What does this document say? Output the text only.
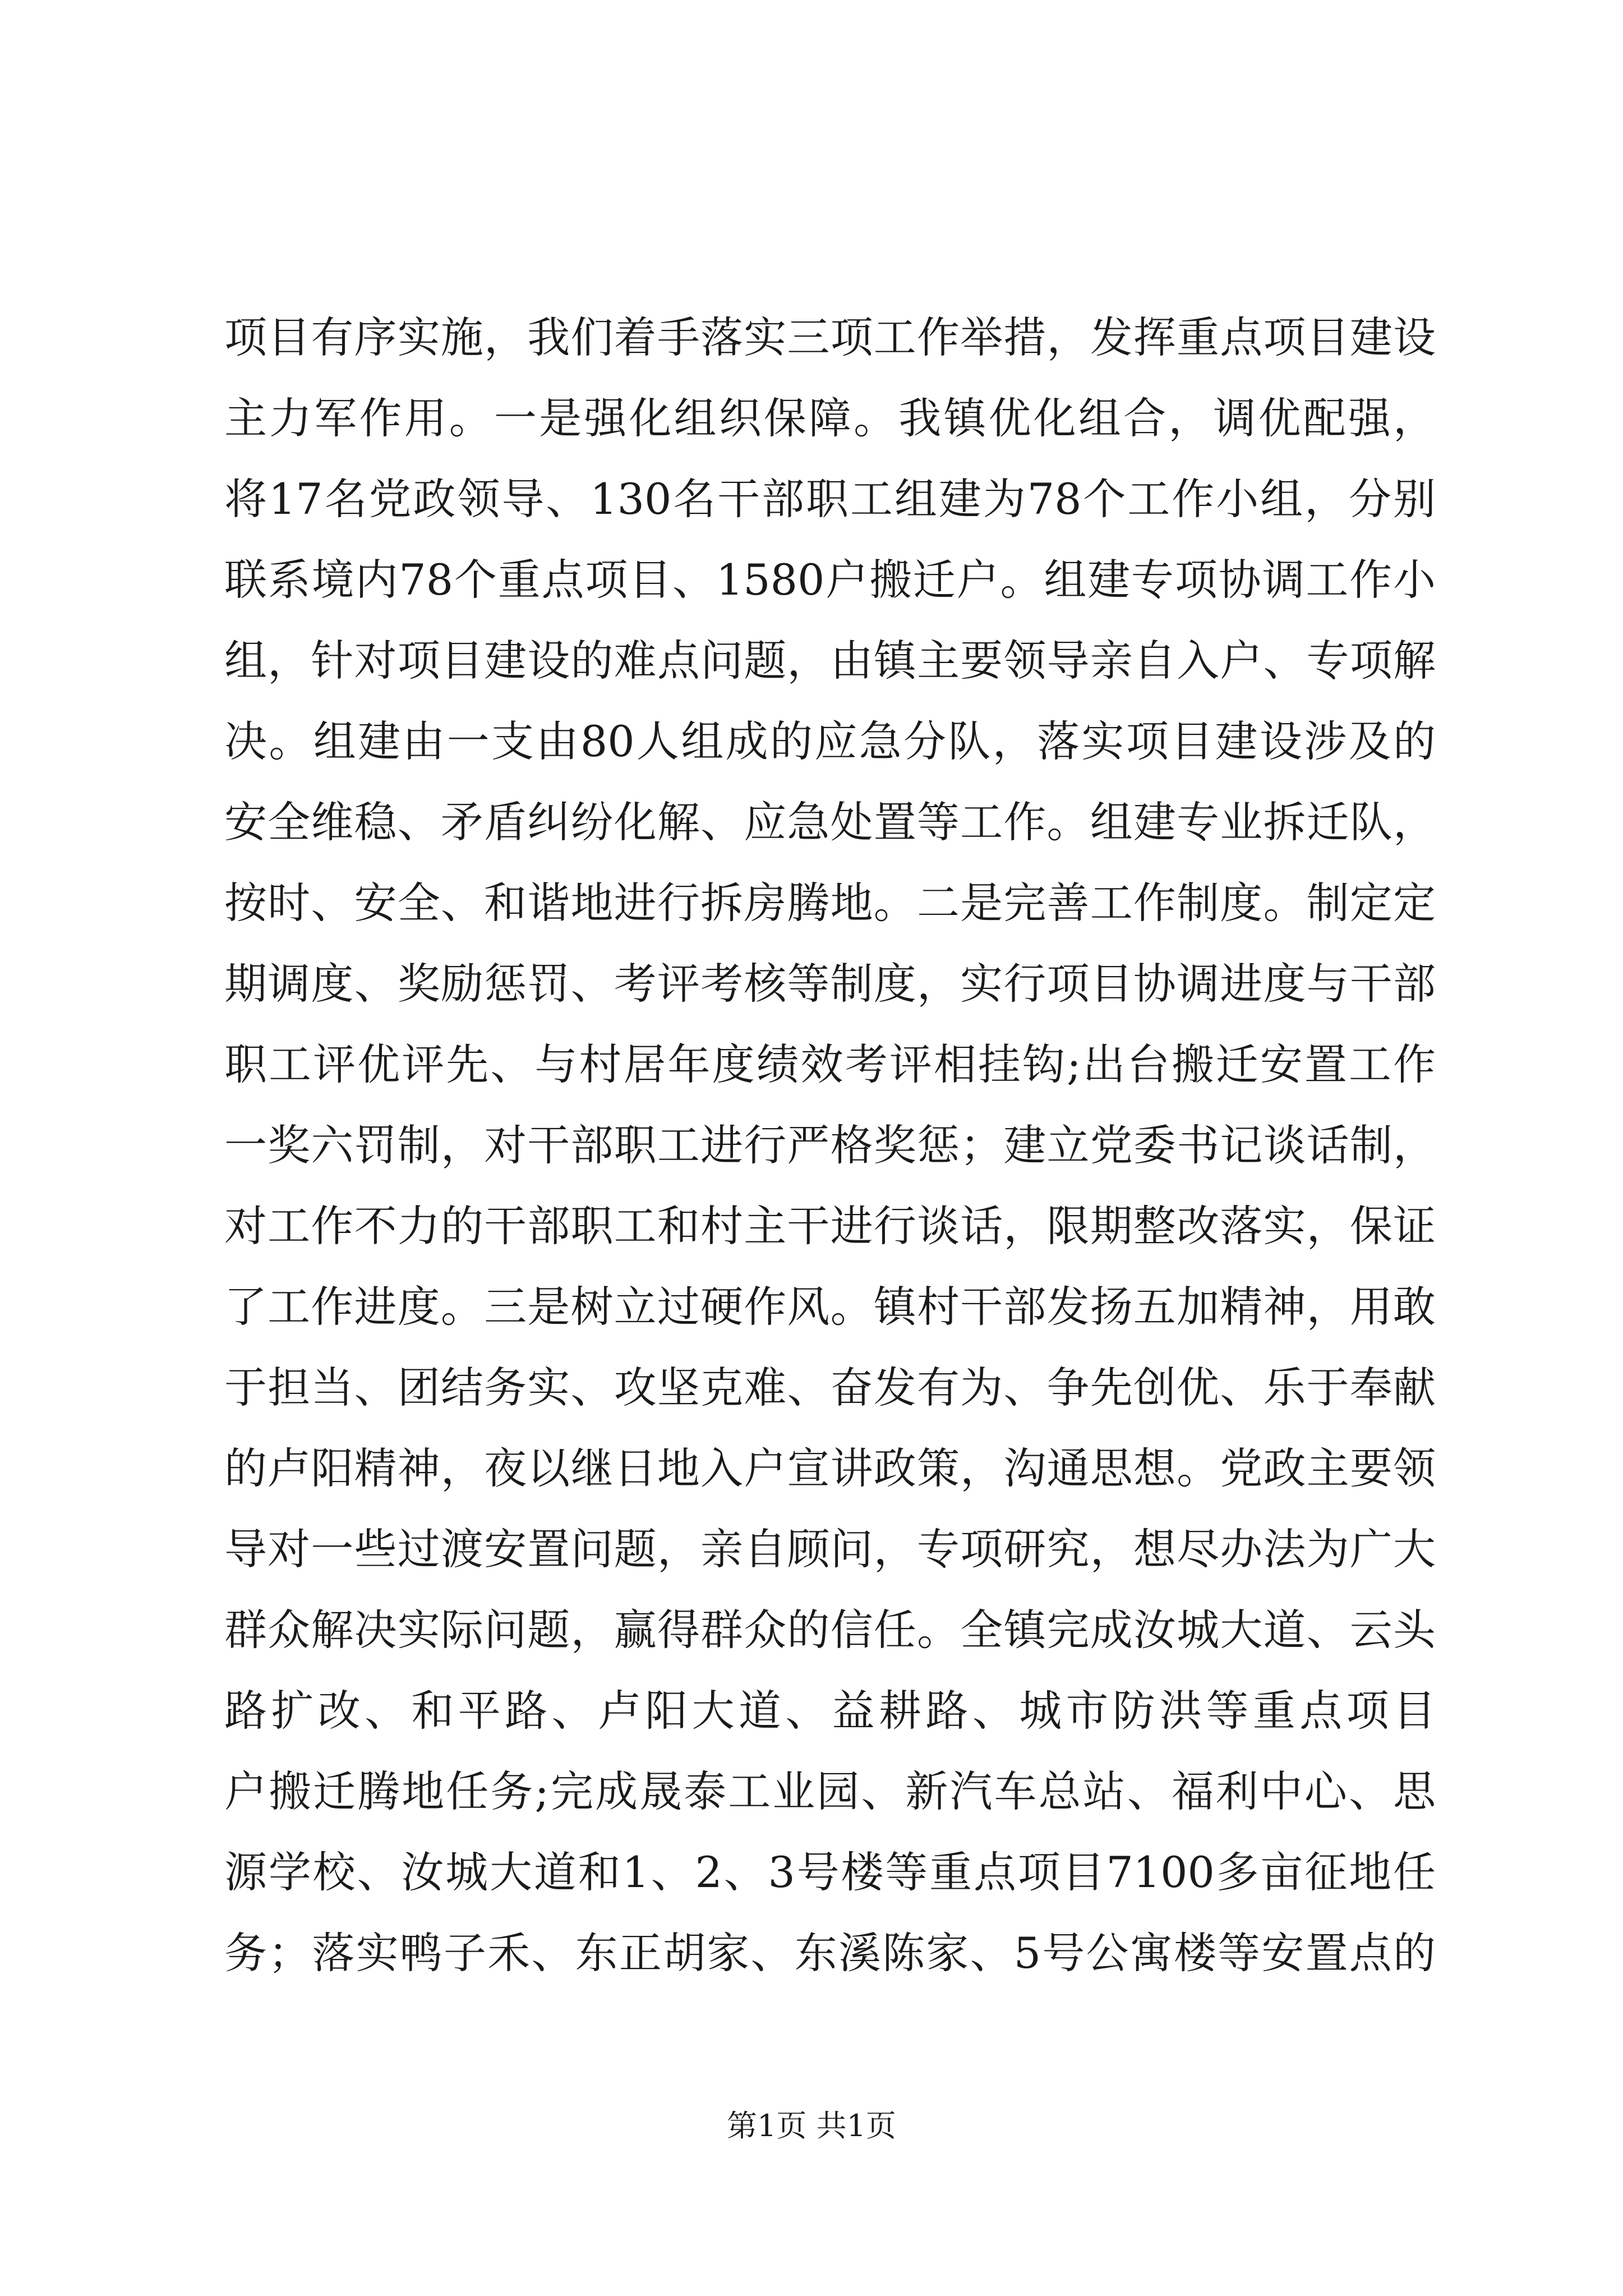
项目有序实施，我们着手落实三项工作举措，发挥重点项目建设
主力军作用。一是强化组织保障。我镇优化组合，调优配强，
将17名党政领导、130名干部职工组建为78个工作小组，分别
联系境内78个重点项目、1580户搬迁户。组建专项协调工作小
组，针对项目建设的难点问题，由镇主要领导亲自入户、专项解
决。组建由一支由80人组成的应急分队，落实项目建设涉及的
安全维稳、矛盾纠纷化解、应急处置等工作。组建专业拆迁队，
按时、安全、和谐地进行拆房腾地。二是完善工作制度。制定定
期调度、奖励惩罚、考评考核等制度，实行项目协调进度与干部
职工评优评先、与村居年度绩效考评相挂钩;出台搬迁安置工作
一奖六罚制，对干部职工进行严格奖惩；建立党委书记谈话制，
对工作不力的干部职工和村主干进行谈话，限期整改落实，保证
了工作进度。三是树立过硬作风。镇村干部发扬五加精神，用敢
于担当、团结务实、攻坚克难、奋发有为、争先创优、乐于奉献
的卢阳精神，夜以继日地入户宣讲政策，沟通思想。党政主要领
导对一些过渡安置问题，亲自顾问，专项研究，想尽办法为广大
群众解决实际问题，赢得群众的信任。全镇完成汝城大道、云头
路扩改、和平路、卢阳大道、益耕路、城市防洪等重点项目
户搬迁腾地任务;完成晟泰工业园、新汽车总站、福利中心、思
源学校、汝城大道和1、2、3号楼等重点项目7100多亩征地任
务；落实鸭子禾、东正胡家、东溪陈家、5号公寓楼等安置点的
第1页 共1页
